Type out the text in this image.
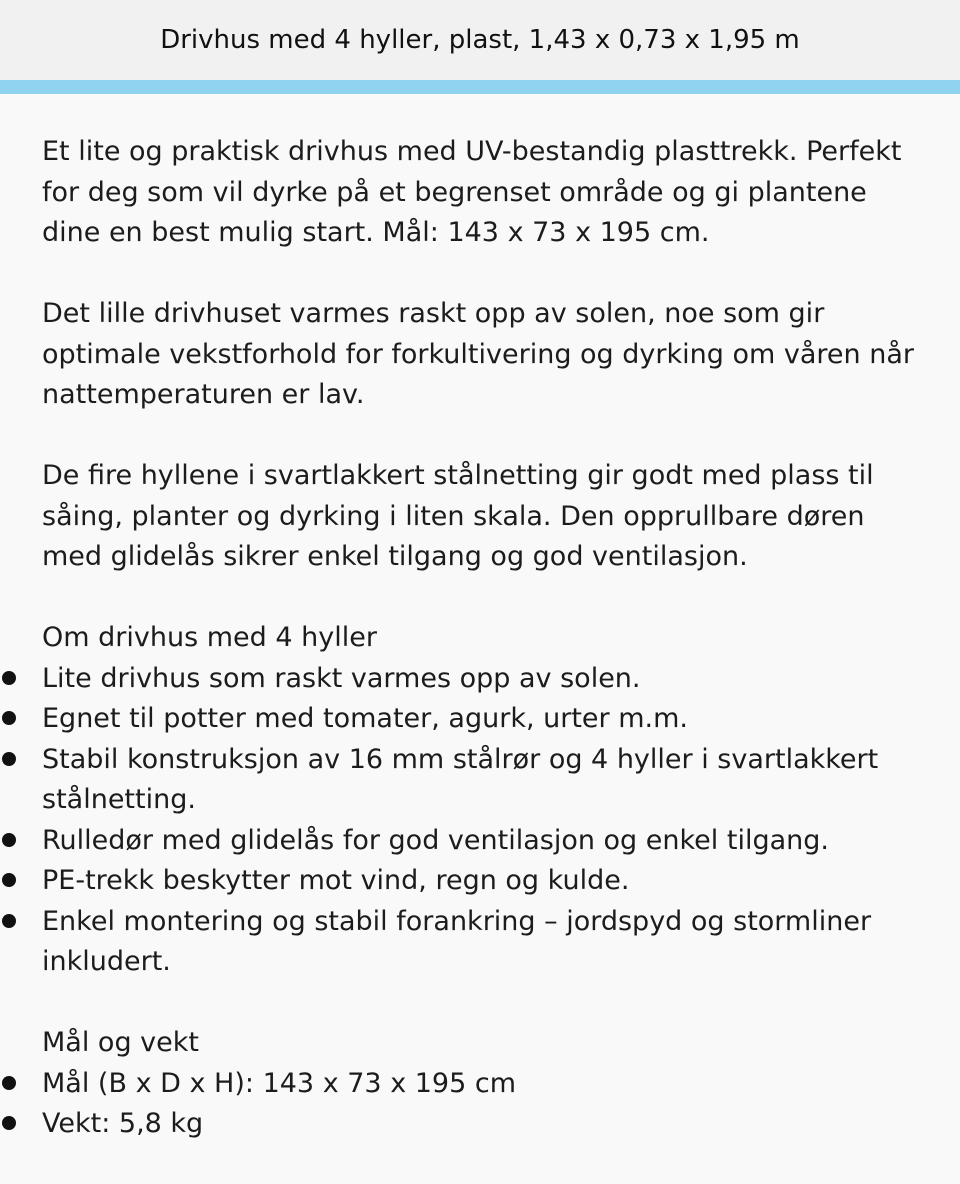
Drivhus med 4 hyller, plast, 1,43 x 0,73 x 1,95 m

Et lite og praktisk drivhus med UV-bestandig plasttrekk. Perfekt for deg som vil dyrke på et begrenset område og gi plantene dine en best mulig start. Mål: 143 x 73 x 195 cm.

Det lille drivhuset varmes raskt opp av solen, noe som gir optimale vekstforhold for forkultivering og dyrking om våren når nattemperaturen er lav.

De fire hyllene i svartlakkert stålnetting gir godt med plass til såing, planter og dyrking i liten skala. Den opprullbare døren med glidelås sikrer enkel tilgang og god ventilasjon.

Om drivhus med 4 hyller

Lite drivhus som raskt varmes opp av solen.
Egnet til potter med tomater, agurk, urter m.m.
Stabil konstruksjon av 16 mm stålrør og 4 hyller i svartlakkert stålnetting.
Rulledør med glidelås for god ventilasjon og enkel tilgang.
PE-trekk beskytter mot vind, regn og kulde.
Enkel montering og stabil forankring – jordspyd og stormliner inkludert.

Mål og vekt

Mål (B x D x H): 143 x 73 x 195 cm
Vekt: 5,8 kg
